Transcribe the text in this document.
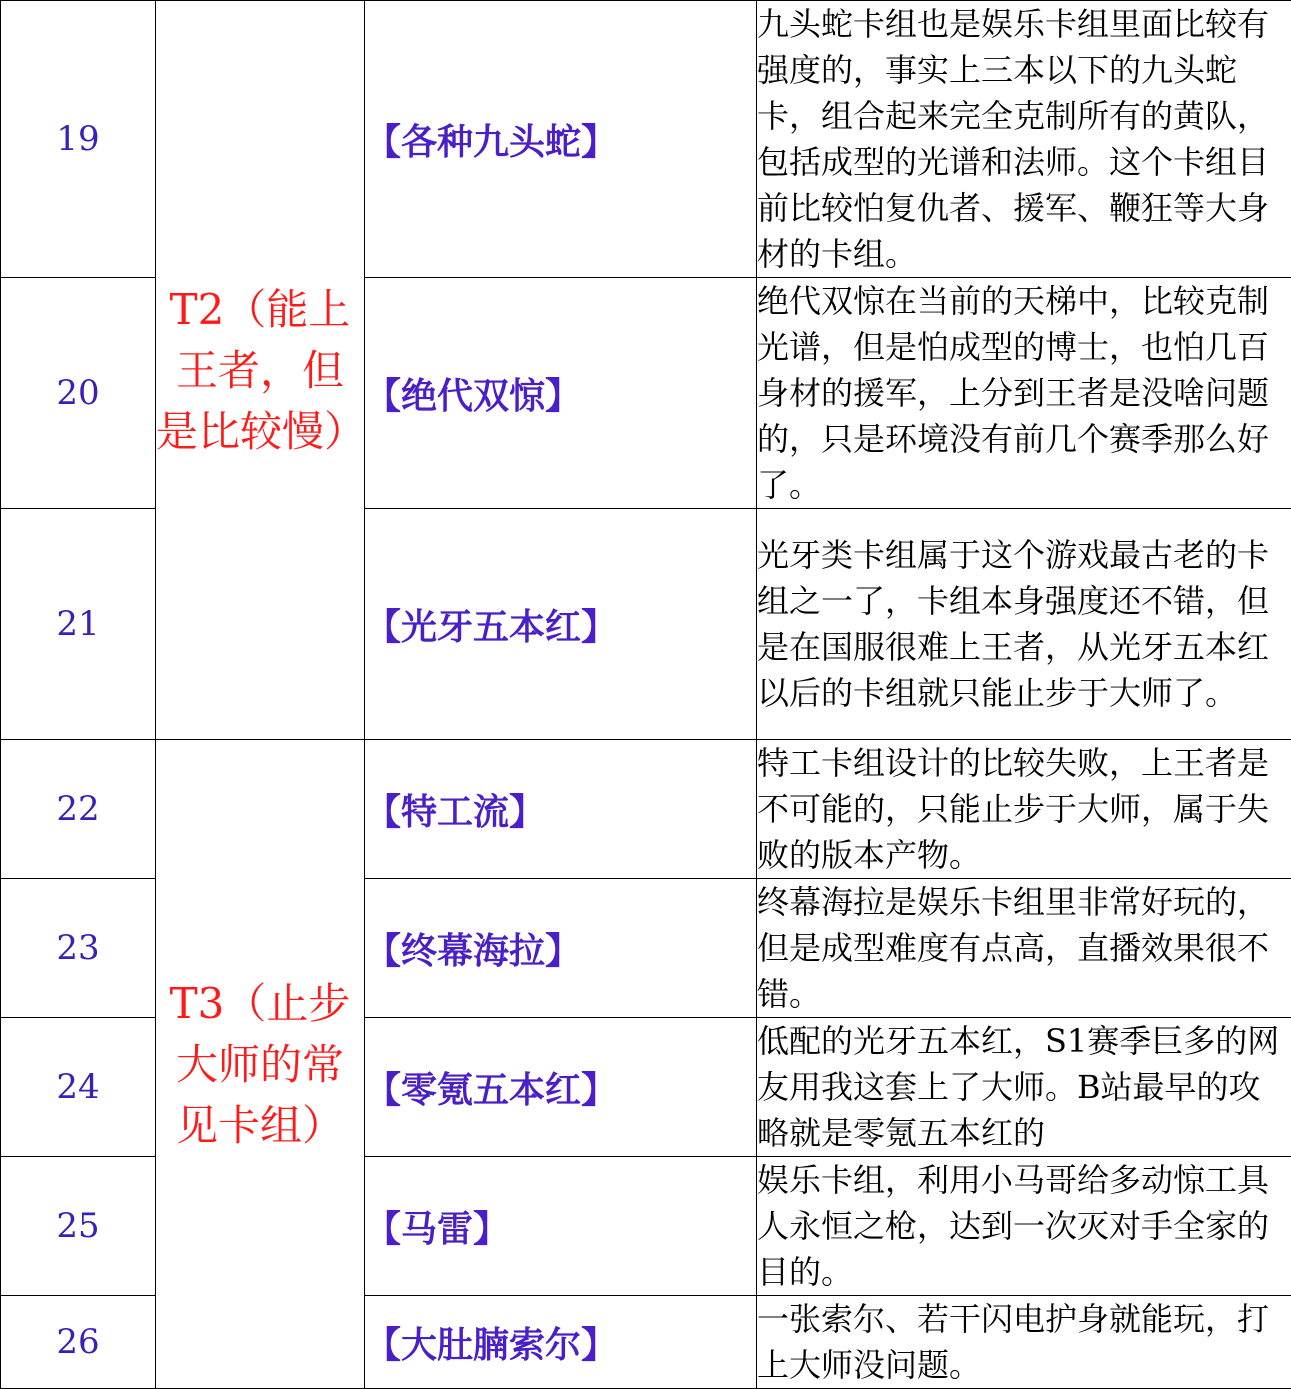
19	T2（能上王者，但是比较慢）	【各种九头蛇】	九头蛇卡组也是娱乐卡组里面比较有强度的，事实上三本以下的九头蛇卡，组合起来完全克制所有的黄队，包括成型的光谱和法师。这个卡组目前比较怕复仇者、援军、鞭狂等大身材的卡组。
20		【绝代双惊】	绝代双惊在当前的天梯中，比较克制光谱，但是怕成型的博士，也怕几百身材的援军，上分到王者是没啥问题的，只是环境没有前几个赛季那么好了。
21		【光牙五本红】	光牙类卡组属于这个游戏最古老的卡组之一了，卡组本身强度还不错，但是在国服很难上王者，从光牙五本红以后的卡组就只能止步于大师了。
22	T3（止步大师的常见卡组）	【特工流】	特工卡组设计的比较失败，上王者是不可能的，只能止步于大师，属于失败的版本产物。
23		【终幕海拉】	终幕海拉是娱乐卡组里非常好玩的，但是成型难度有点高，直播效果很不错。
24		【零氪五本红】	低配的光牙五本红，S1赛季巨多的网友用我这套上了大师。B站最早的攻略就是零氪五本红的
25		【马雷】	娱乐卡组，利用小马哥给多动惊工具人永恒之枪，达到一次灭对手全家的目的。
26		【大肚腩索尔】	一张索尔、若干闪电护身就能玩，打上大师没问题。
